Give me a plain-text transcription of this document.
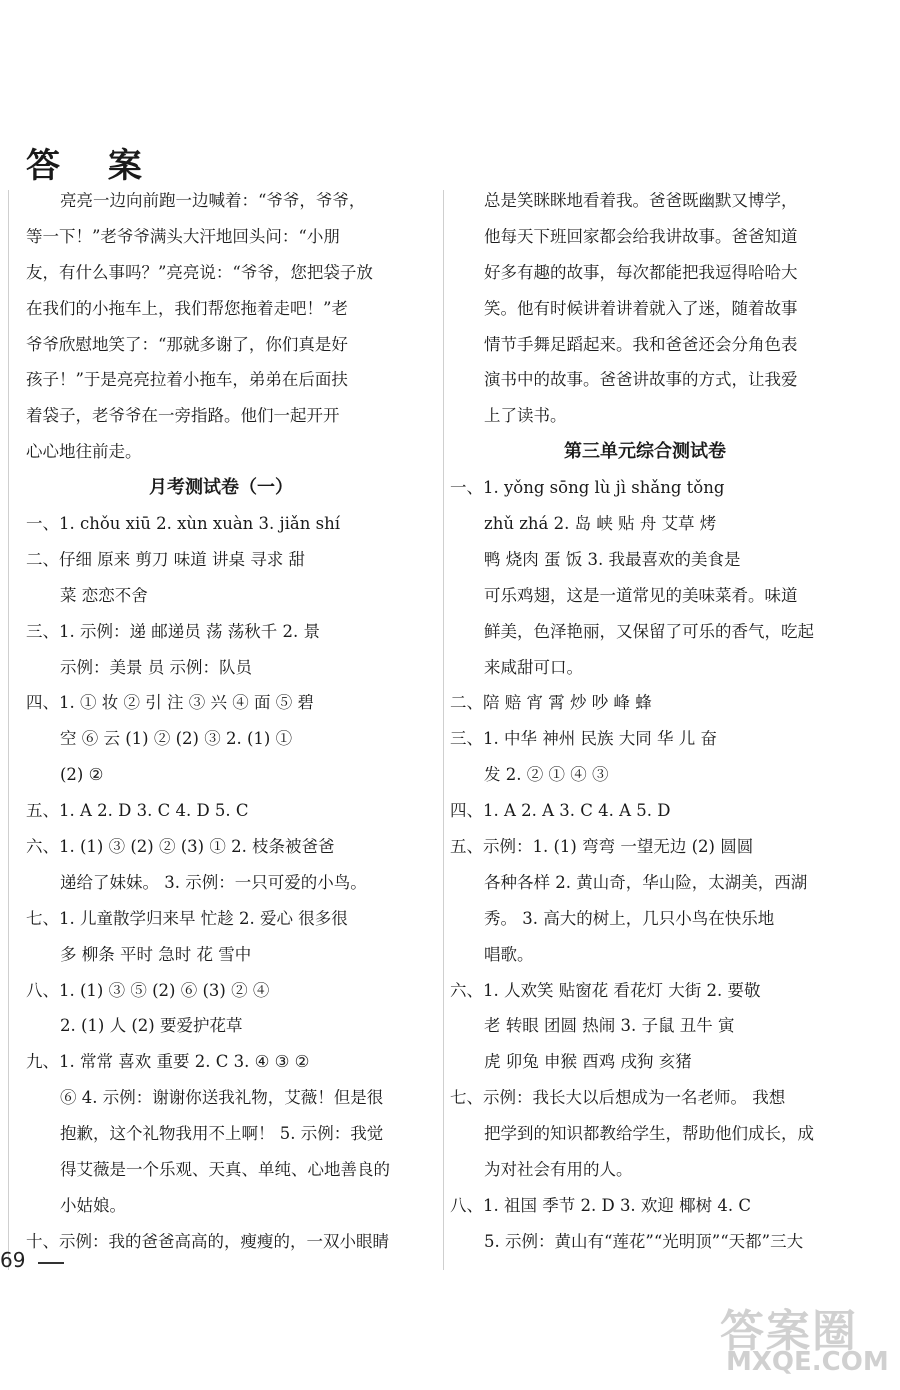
答 案
亮亮一边向前跑一边喊着：“爷爷，爷爷，
等一下！”老爷爷满头大汗地回头问：“小朋
友，有什么事吗？”亮亮说：“爷爷，您把袋子放
在我们的小拖车上，我们帮您拖着走吧！”老
爷爷欣慰地笑了：“那就多谢了，你们真是好
孩子！”于是亮亮拉着小拖车，弟弟在后面扶
着袋子，老爷爷在一旁指路。他们一起开开
心心地往前走。
月考测试卷（一）
一、1. chǒu xiū 2. xùn xuàn 3. jiǎn shí
二、仔细 原来 剪刀 味道 讲桌 寻求 甜
菜 恋恋不舍
三、1. 示例：递 邮递员 荡 荡秋千 2. 景
示例：美景 员 示例：队员
四、1. ① 妆 ② 引 注 ③ 兴 ④ 面 ⑤ 碧
空 ⑥ 云 (1) ② (2) ③ 2. (1) ①
(2) ②
五、1. A 2. D 3. C 4. D 5. C
六、1. (1) ③ (2) ② (3) ① 2. 枝条被爸爸
递给了妹妹。 3. 示例：一只可爱的小鸟。
七、1. 儿童散学归来早 忙趁 2. 爱心 很多很
多 柳条 平时 急时 花 雪中
八、1. (1) ③ ⑤ (2) ⑥ (3) ② ④
2. (1) 人 (2) 要爱护花草
九、1. 常常 喜欢 重要 2. C 3. ④ ③ ②
⑥ 4. 示例：谢谢你送我礼物，艾薇！但是很
抱歉，这个礼物我用不上啊！ 5. 示例：我觉
得艾薇是一个乐观、天真、单纯、心地善良的
小姑娘。
十、示例：我的爸爸高高的，瘦瘦的，一双小眼睛
总是笑眯眯地看着我。爸爸既幽默又博学，
他每天下班回家都会给我讲故事。爸爸知道
好多有趣的故事，每次都能把我逗得哈哈大
笑。他有时候讲着讲着就入了迷，随着故事
情节手舞足蹈起来。我和爸爸还会分角色表
演书中的故事。爸爸讲故事的方式，让我爱
上了读书。
第三单元综合测试卷
一、1. yǒng sōng lù jì shǎng tǒng
zhǔ zhá 2. 岛 峡 贴 舟 艾草 烤
鸭 烧肉 蛋 饭 3. 我最喜欢的美食是
可乐鸡翅，这是一道常见的美味菜肴。味道
鲜美，色泽艳丽，又保留了可乐的香气，吃起
来咸甜可口。
二、陪 赔 宵 霄 炒 吵 峰 蜂
三、1. 中华 神州 民族 大同 华 儿 奋
发 2. ② ① ④ ③
四、1. A 2. A 3. C 4. A 5. D
五、示例：1. (1) 弯弯 一望无边 (2) 圆圆
各种各样 2. 黄山奇，华山险，太湖美，西湖
秀。 3. 高大的树上，几只小鸟在快乐地
唱歌。
六、1. 人欢笑 贴窗花 看花灯 大街 2. 要敬
老 转眼 团圆 热闹 3. 子鼠 丑牛 寅
虎 卯兔 申猴 酉鸡 戌狗 亥猪
七、示例：我长大以后想成为一名老师。 我想
把学到的知识都教给学生，帮助他们成长，成
为对社会有用的人。
八、1. 祖国 季节 2. D 3. 欢迎 椰树 4. C
5. 示例：黄山有“莲花”“光明顶”“天都”三大
69
答案圈
MXQE.COM
